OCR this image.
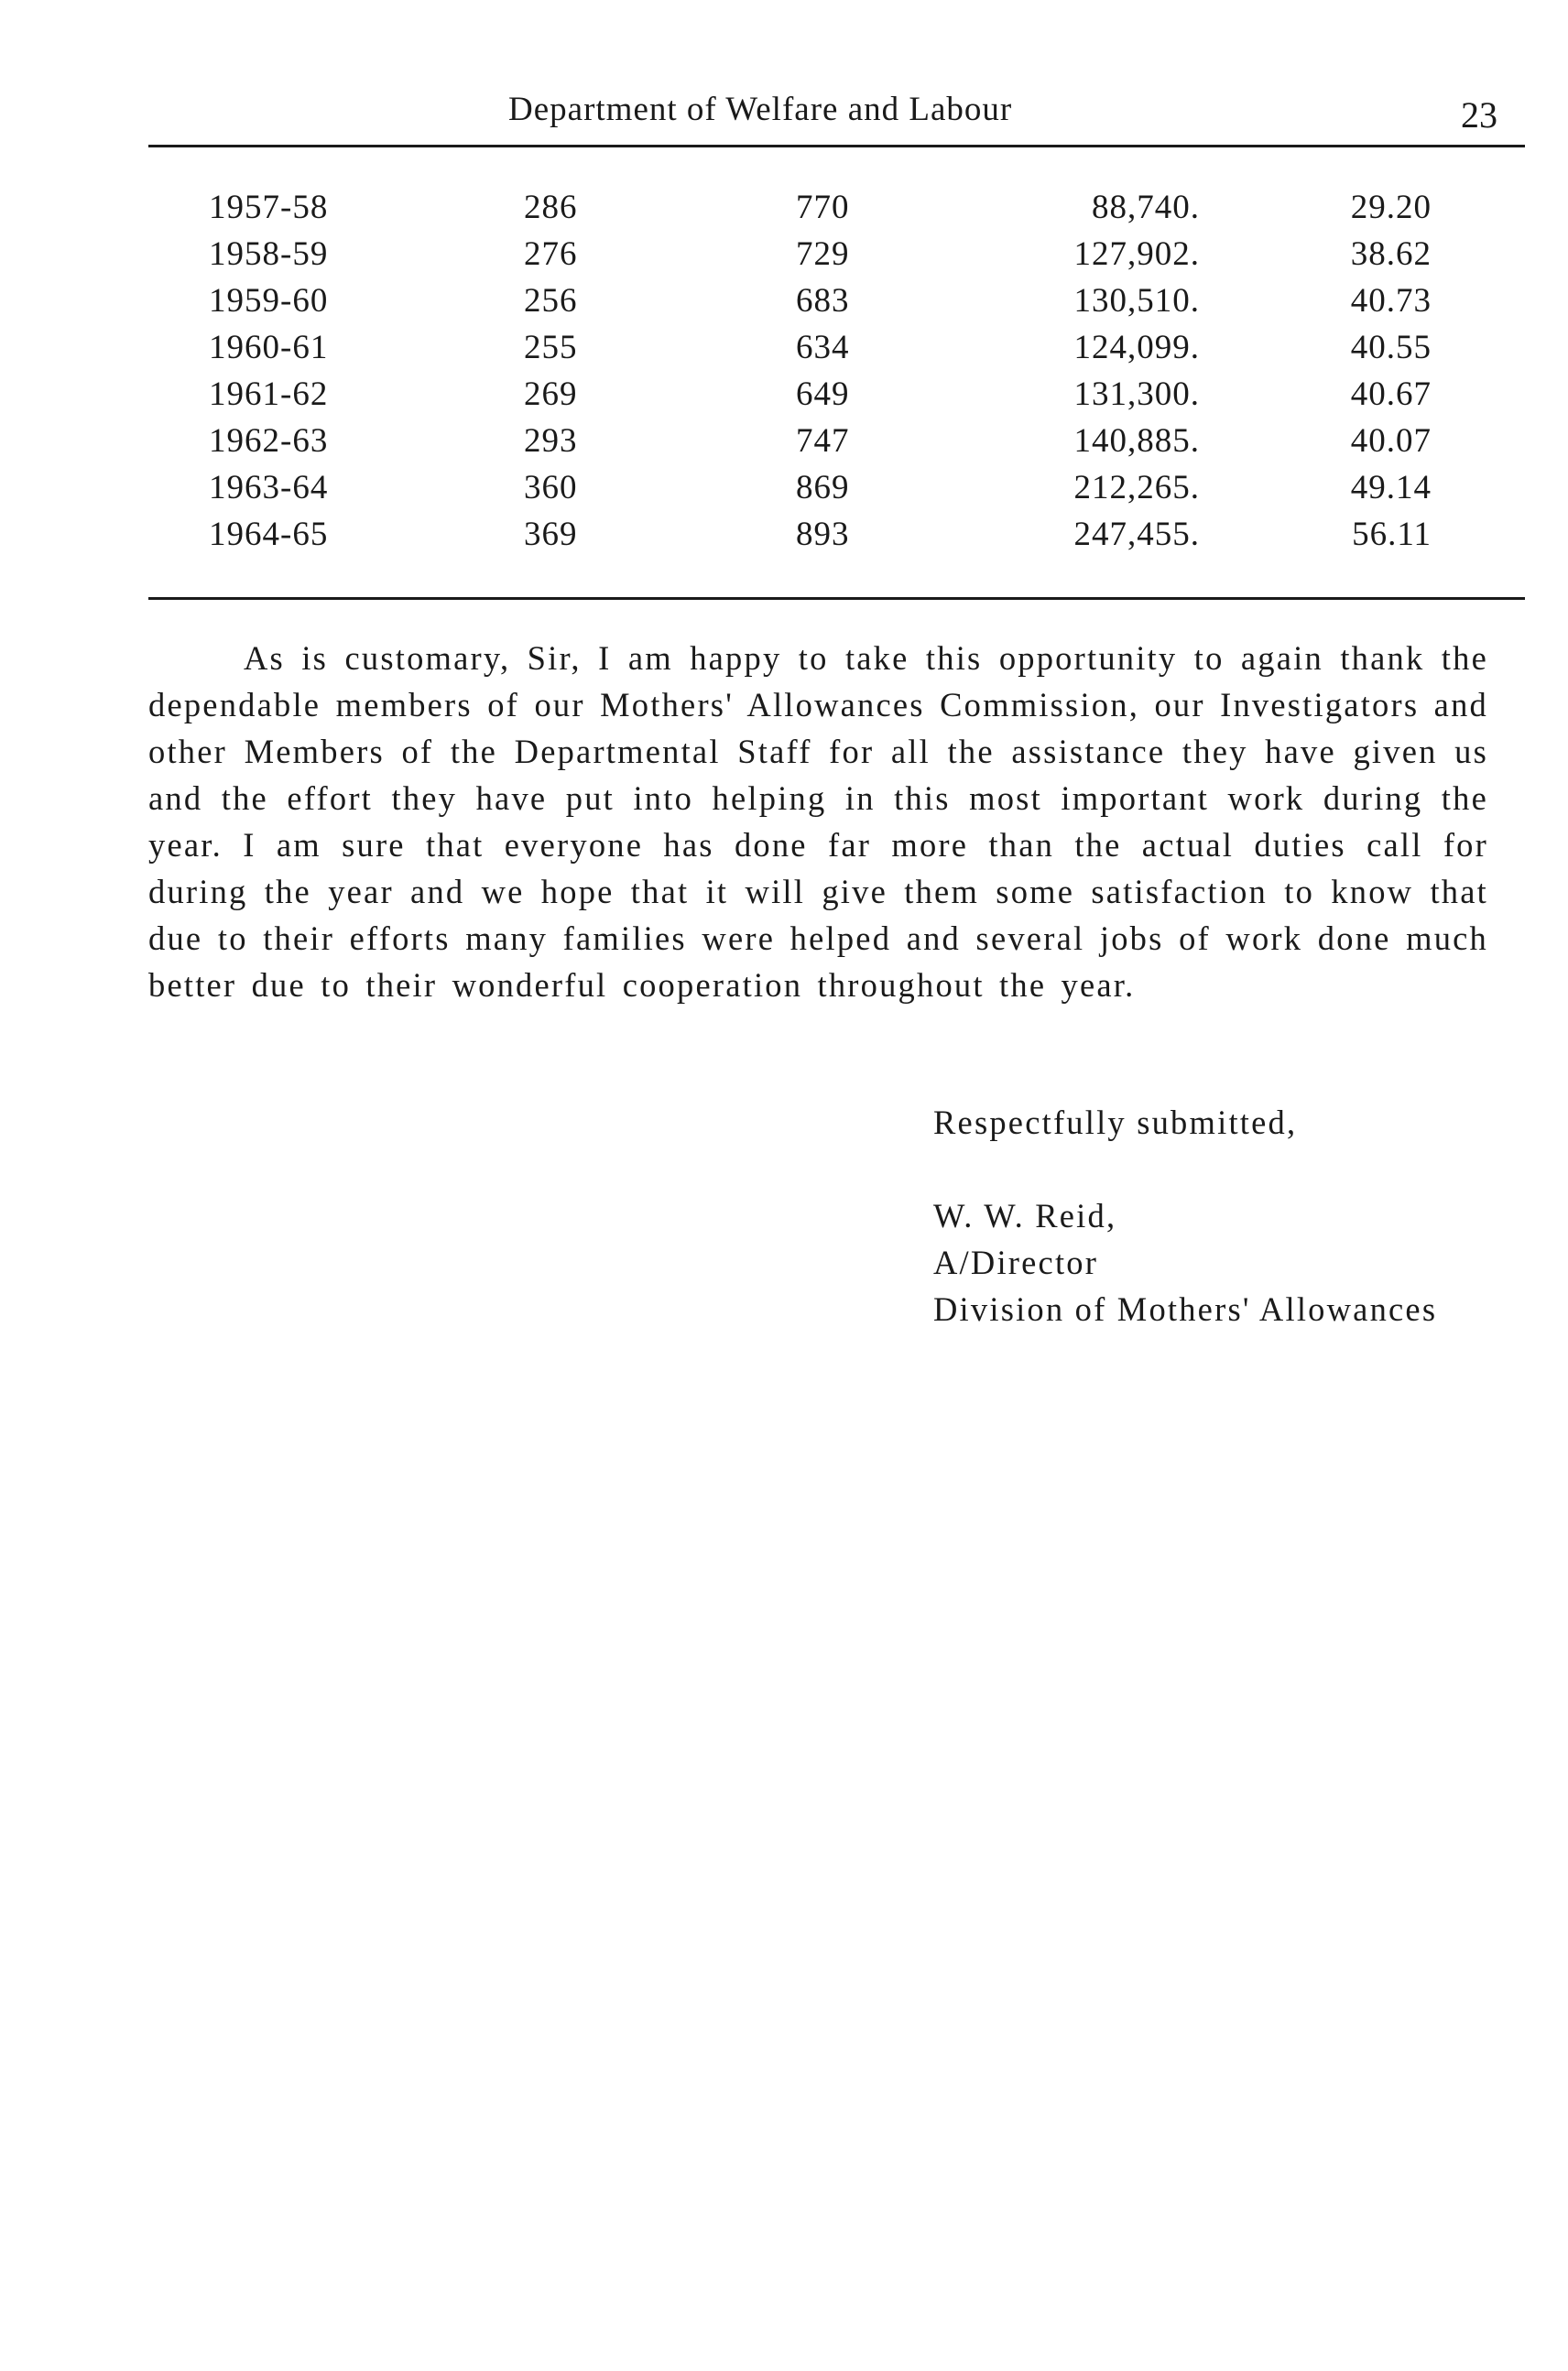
Department of Welfare and Labour	23
1957-58	286	770	88,740.	29.20
1958-59	276	729	127,902.	38.62
1959-60	256	683	130,510.	40.73
1960-61	255	634	124,099.	40.55
1961-62	269	649	131,300.	40.67
1962-63	293	747	140,885.	40.07
1963-64	360	869	212,265.	49.14
1964-65	369	893	247,455.	56.11

As is customary, Sir, I am happy to take this opportunity to again thank the dependable members of our Mothers' Allowances Commission, our Investigators and other Members of the Departmental Staff for all the assistance they have given us and the effort they have put into helping in this most important work during the year. I am sure that everyone has done far more than the actual duties call for during the year and we hope that it will give them some satisfaction to know that due to their efforts many families were helped and several jobs of work done much better due to their wonderful cooperation throughout the year.

Respectfully submitted,
W. W. Reid,
A/Director
Division of Mothers' Allowances
